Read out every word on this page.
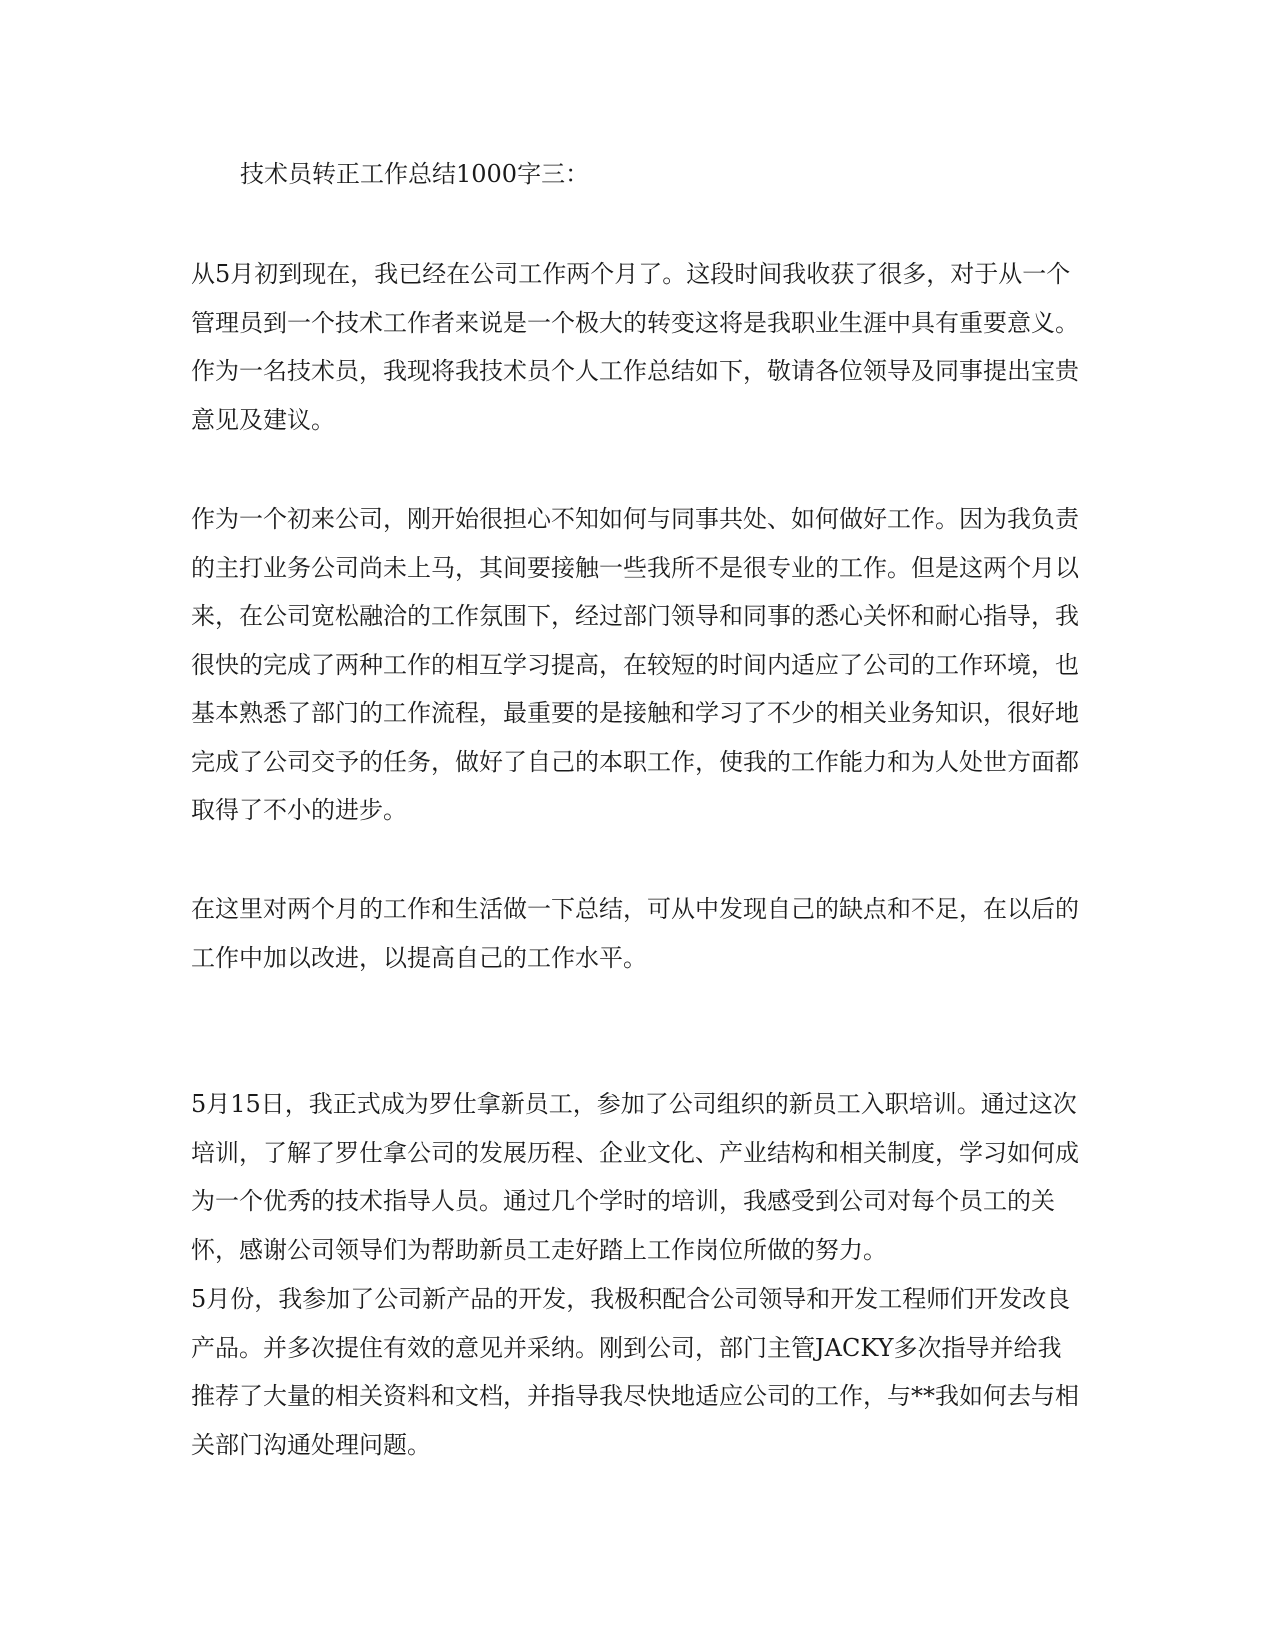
技术员转正工作总结1000字三：

从5月初到现在，我已经在公司工作两个月了。这段时间我收获了很多，对于从一个管理员到一个技术工作者来说是一个极大的转变这将是我职业生涯中具有重要意义。作为一名技术员，我现将我技术员个人工作总结如下，敬请各位领导及同事提出宝贵意见及建议。

作为一个初来公司，刚开始很担心不知如何与同事共处、如何做好工作。因为我负责的主打业务公司尚未上马，其间要接触一些我所不是很专业的工作。但是这两个月以来，在公司宽松融洽的工作氛围下，经过部门领导和同事的悉心关怀和耐心指导，我很快的完成了两种工作的相互学习提高，在较短的时间内适应了公司的工作环境，也基本熟悉了部门的工作流程，最重要的是接触和学习了不少的相关业务知识，很好地完成了公司交予的任务，做好了自己的本职工作，使我的工作能力和为人处世方面都取得了不小的进步。

在这里对两个月的工作和生活做一下总结，可从中发现自己的缺点和不足，在以后的工作中加以改进，以提高自己的工作水平。

5月15日，我正式成为罗仕拿新员工，参加了公司组织的新员工入职培训。通过这次培训，了解了罗仕拿公司的发展历程、企业文化、产业结构和相关制度，学习如何成为一个优秀的技术指导人员。通过几个学时的培训，我感受到公司对每个员工的关怀，感谢公司领导们为帮助新员工走好踏上工作岗位所做的努力。

5月份，我参加了公司新产品的开发，我极积配合公司领导和开发工程师们开发改良产品。并多次提住有效的意见并采纳。刚到公司，部门主管JACKY多次指导并给我推荐了大量的相关资料和文档，并指导我尽快地适应公司的工作，与**我如何去与相关部门沟通处理问题。
